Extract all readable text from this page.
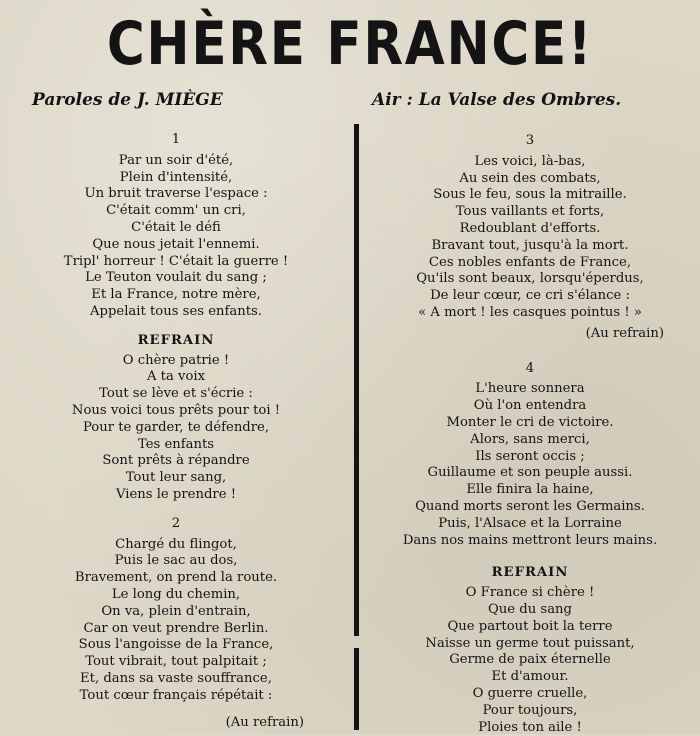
CHÈRE FRANCE!
Paroles de J. MIÈGE	Air : La Valse des Ombres.
1
Par un soir d'été,
Plein d'intensité,
Un bruit traverse l'espace :
C'était comm' un cri,
C'était le défi
Que nous jetait l'ennemi.
Tripl' horreur ! C'était la guerre !
Le Teuton voulait du sang ;
Et la France, notre mère,
Appelait tous ses enfants.
REFRAIN
O chère patrie !
A ta voix
Tout se lève et s'écrie :
Nous voici tous prêts pour toi !
Pour te garder, te défendre,
Tes enfants
Sont prêts à répandre
Tout leur sang,
Viens le prendre !
2
Chargé du flingot,
Puis le sac au dos,
Bravement, on prend la route.
Le long du chemin,
On va, plein d'entrain,
Car on veut prendre Berlin.
Sous l'angoisse de la France,
Tout vibrait, tout palpitait ;
Et, dans sa vaste souffrance,
Tout cœur français répétait :
(Au refrain)
3
Les voici, là-bas,
Au sein des combats,
Sous le feu, sous la mitraille.
Tous vaillants et forts,
Redoublant d'efforts.
Bravant tout, jusqu'à la mort.
Ces nobles enfants de France,
Qu'ils sont beaux, lorsqu'éperdus,
De leur cœur, ce cri s'élance :
« A mort ! les casques pointus ! »
(Au refrain)
4
L'heure sonnera
Où l'on entendra
Monter le cri de victoire.
Alors, sans merci,
Ils seront occis ;
Guillaume et son peuple aussi.
Elle finira la haine,
Quand morts seront les Germains.
Puis, l'Alsace et la Lorraine
Dans nos mains mettront leurs mains.
REFRAIN
O France si chère !
Que du sang
Que partout boit la terre
Naisse un germe tout puissant,
Germe de paix éternelle
Et d'amour.
O guerre cruelle,
Pour toujours,
Ploies ton aile !
